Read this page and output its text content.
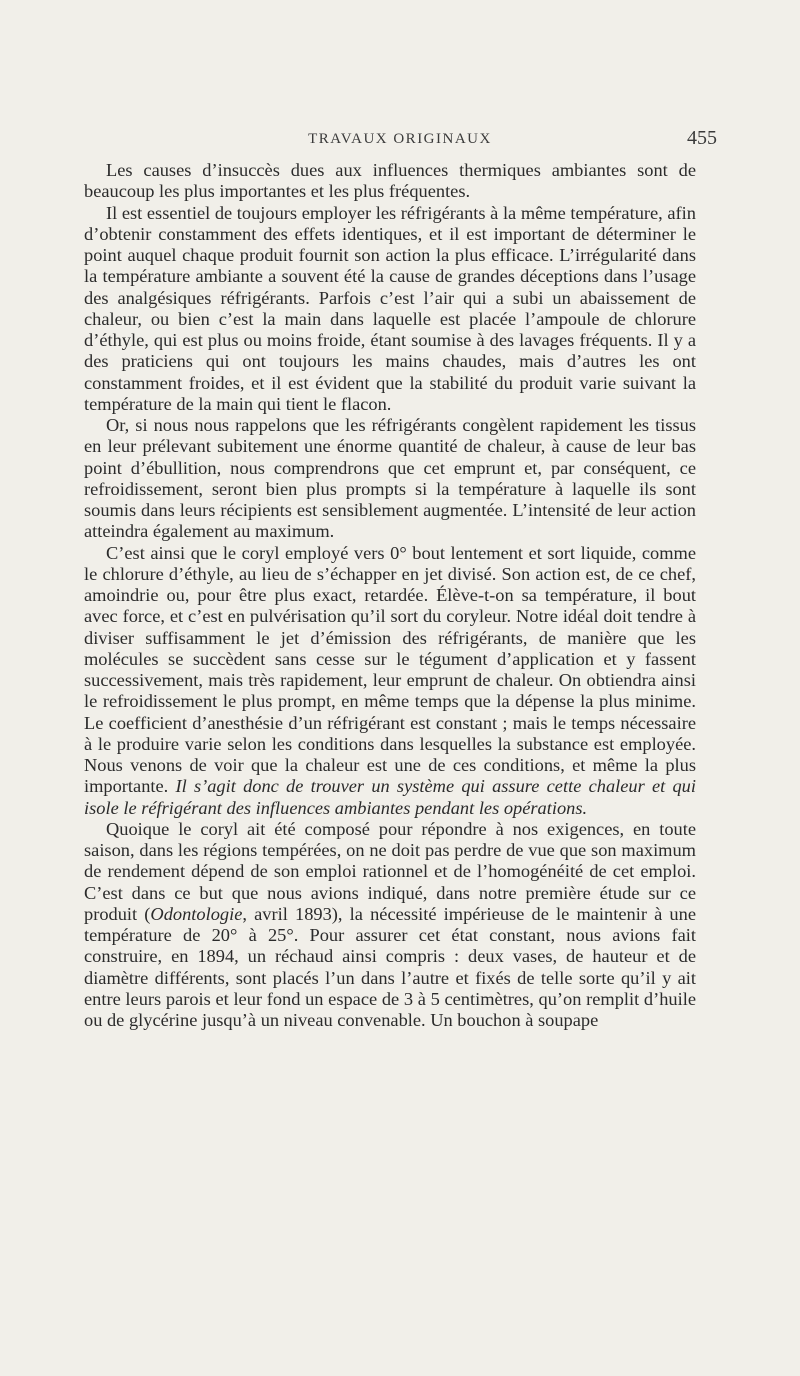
TRAVAUX ORIGINAUX	455

Les causes d’insuccès dues aux influences thermiques ambiantes sont de beaucoup les plus importantes et les plus fréquentes.

Il est essentiel de toujours employer les réfrigérants à la même température, afin d’obtenir constamment des effets identiques, et il est important de déterminer le point auquel chaque produit fournit son action la plus efficace. L’irrégularité dans la température ambiante a souvent été la cause de grandes déceptions dans l’usage des analgésiques réfrigérants. Parfois c’est l’air qui a subi un abaissement de chaleur, ou bien c’est la main dans laquelle est placée l’ampoule de chlorure d’éthyle, qui est plus ou moins froide, étant soumise à des lavages fréquents. Il y a des praticiens qui ont toujours les mains chaudes, mais d’autres les ont constamment froides, et il est évident que la stabilité du produit varie suivant la température de la main qui tient le flacon.

Or, si nous nous rappelons que les réfrigérants congèlent rapidement les tissus en leur prélevant subitement une énorme quantité de chaleur, à cause de leur bas point d’ébullition, nous comprendrons que cet emprunt et, par conséquent, ce refroidissement, seront bien plus prompts si la température à laquelle ils sont soumis dans leurs récipients est sensiblement augmentée. L’intensité de leur action atteindra également au maximum.

C’est ainsi que le coryl employé vers 0° bout lentement et sort liquide, comme le chlorure d’éthyle, au lieu de s’échapper en jet divisé. Son action est, de ce chef, amoindrie ou, pour être plus exact, retardée. Élève-t-on sa température, il bout avec force, et c’est en pulvérisation qu’il sort du coryleur. Notre idéal doit tendre à diviser suffisamment le jet d’émission des réfrigérants, de manière que les molécules se succèdent sans cesse sur le tégument d’application et y fassent successivement, mais très rapidement, leur emprunt de chaleur. On obtiendra ainsi le refroidissement le plus prompt, en même temps que la dépense la plus minime. Le coefficient d’anesthésie d’un réfrigérant est constant ; mais le temps nécessaire à le produire varie selon les conditions dans lesquelles la substance est employée. Nous venons de voir que la chaleur est une de ces conditions, et même la plus importante. Il s’agit donc de trouver un système qui assure cette chaleur et qui isole le réfrigérant des influences ambiantes pendant les opérations.

Quoique le coryl ait été composé pour répondre à nos exigences, en toute saison, dans les régions tempérées, on ne doit pas perdre de vue que son maximum de rendement dépend de son emploi rationnel et de l’homogénéité de cet emploi. C’est dans ce but que nous avions indiqué, dans notre première étude sur ce produit (Odontologie, avril 1893), la nécessité impérieuse de le maintenir à une température de 20° à 25°. Pour assurer cet état constant, nous avions fait construire, en 1894, un réchaud ainsi compris : deux vases, de hauteur et de diamètre différents, sont placés l’un dans l’autre et fixés de telle sorte qu’il y ait entre leurs parois et leur fond un espace de 3 à 5 centimètres, qu’on remplit d’huile ou de glycérine jusqu’à un niveau convenable. Un bouchon à soupape
